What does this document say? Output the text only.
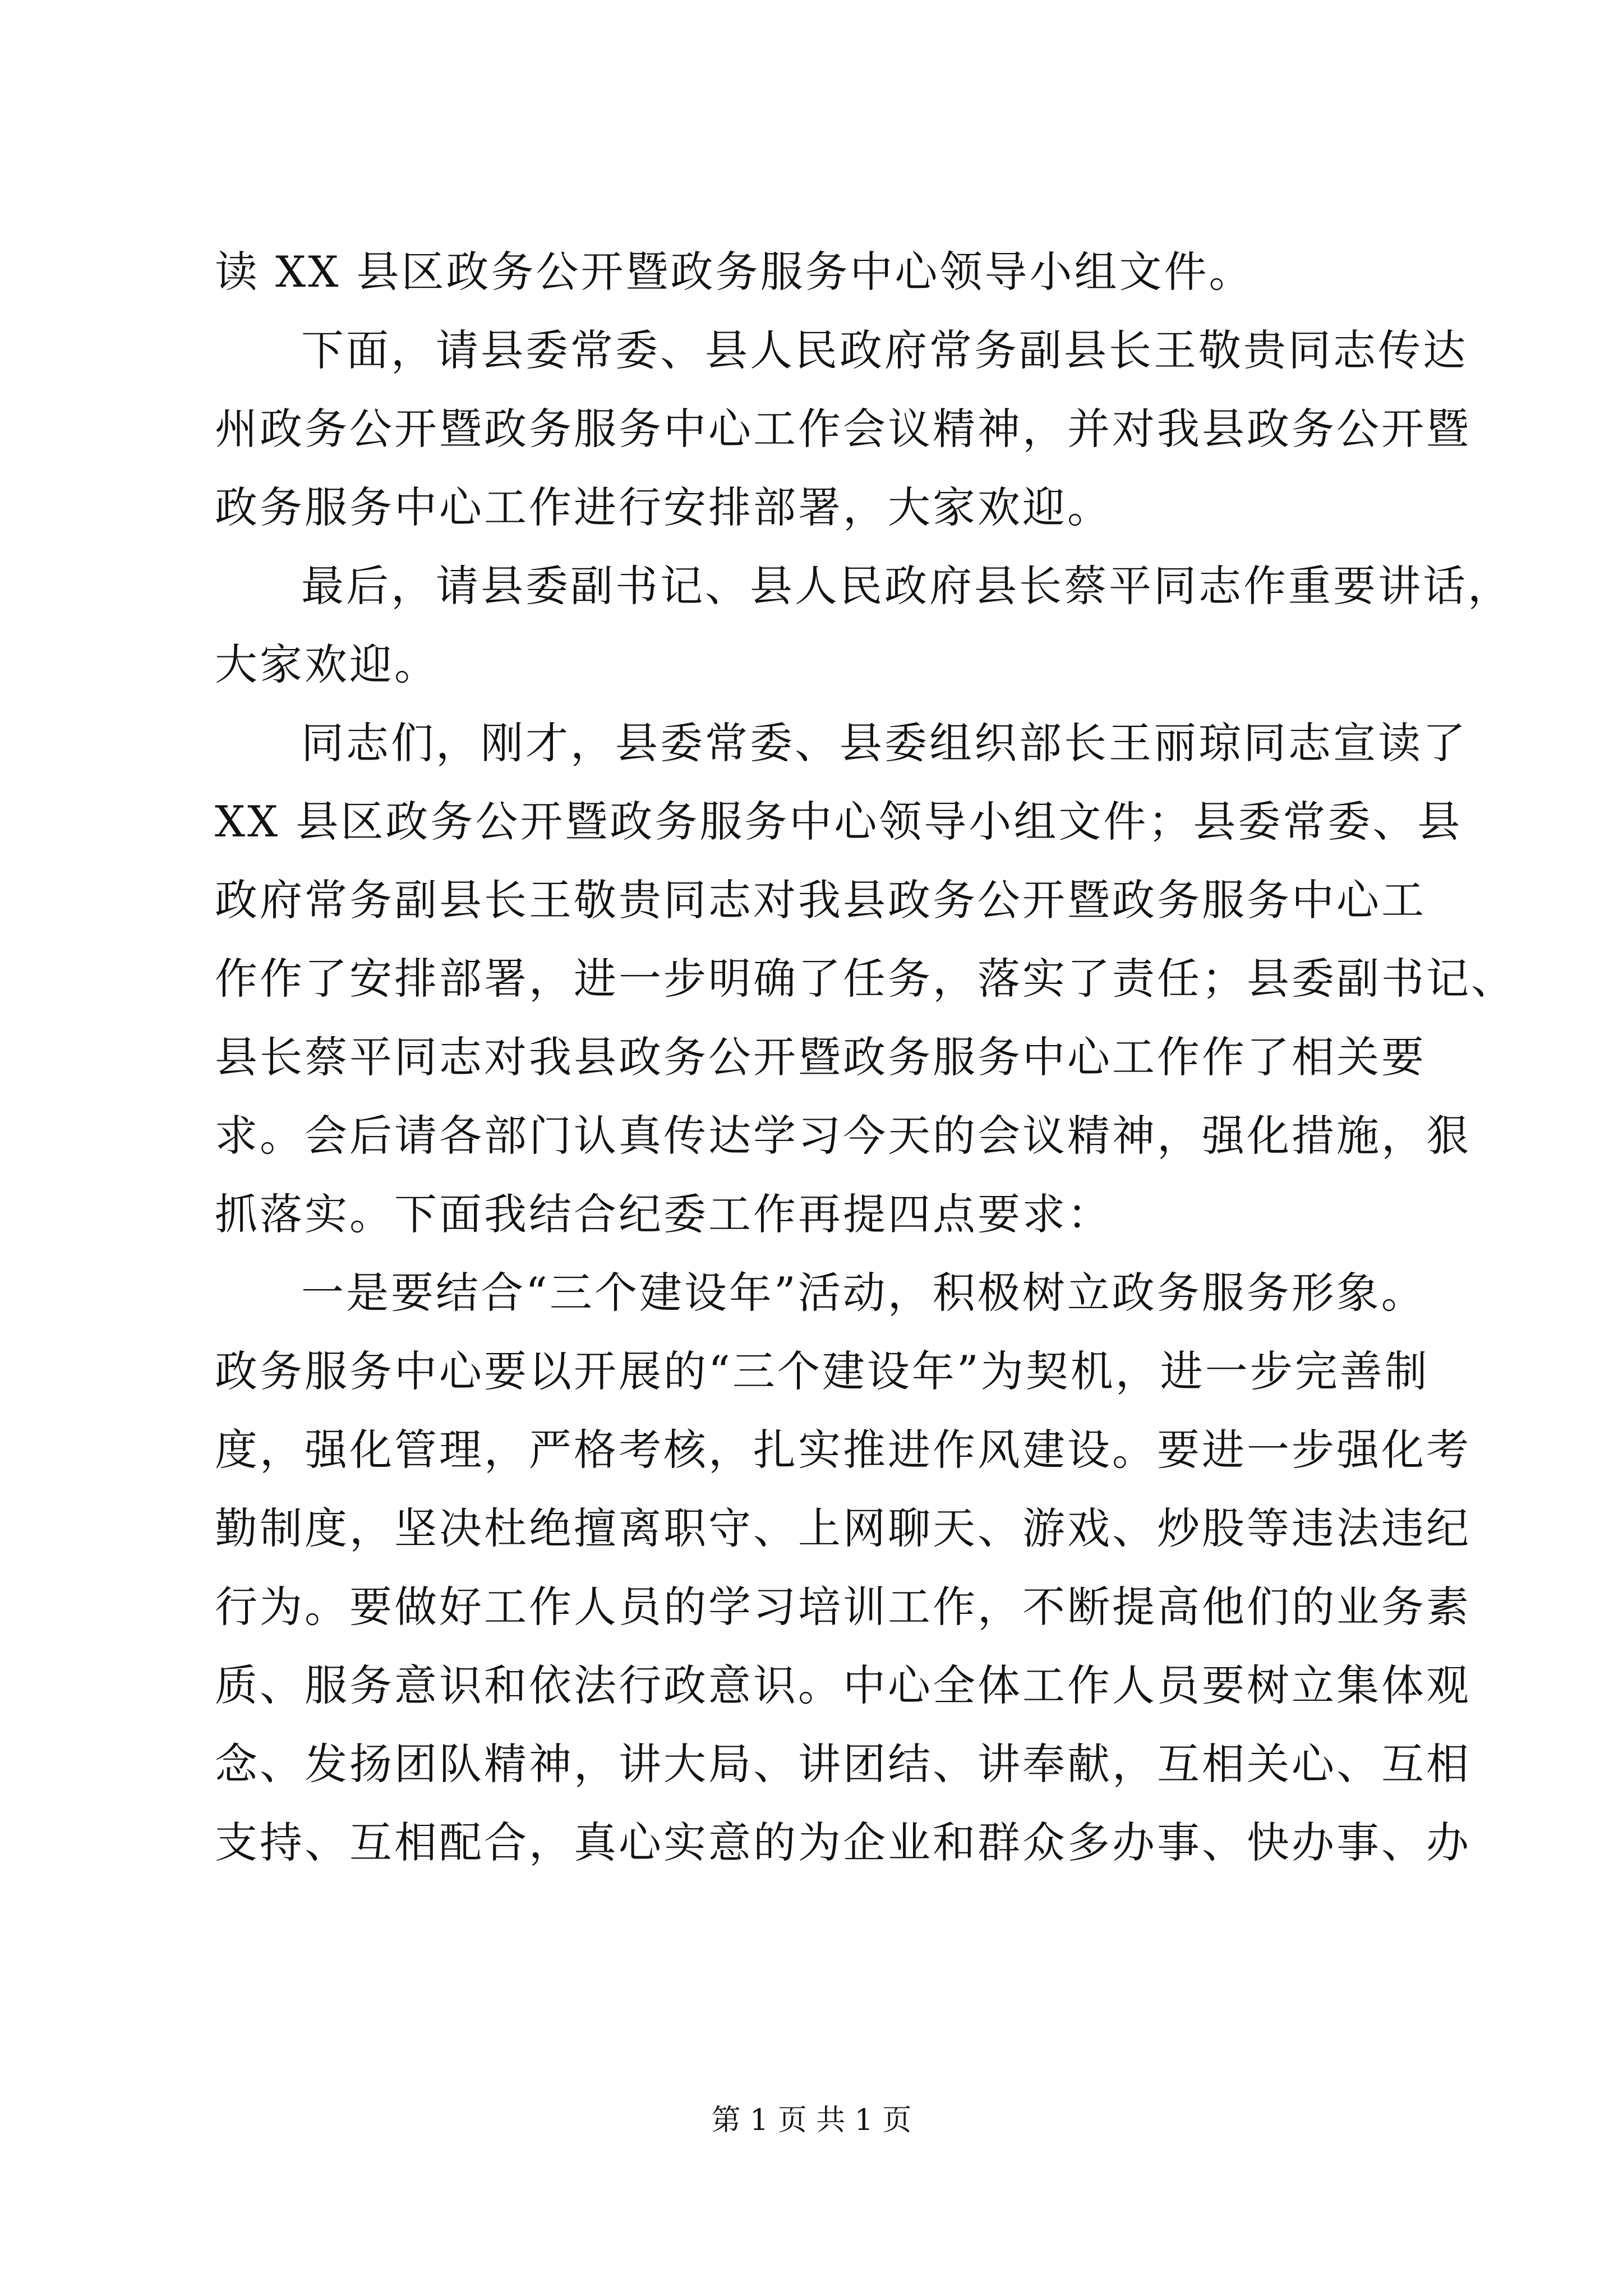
读 XX 县区政务公开暨政务服务中心领导小组文件。
下面，请县委常委、县人民政府常务副县长王敬贵同志传达
州政务公开暨政务服务中心工作会议精神，并对我县政务公开暨
政务服务中心工作进行安排部署，大家欢迎。
最后，请县委副书记、县人民政府县长蔡平同志作重要讲话，
大家欢迎。
同志们，刚才，县委常委、县委组织部长王丽琼同志宣读了
XX 县区政务公开暨政务服务中心领导小组文件；县委常委、县
政府常务副县长王敬贵同志对我县政务公开暨政务服务中心工
作作了安排部署，进一步明确了任务，落实了责任；县委副书记、
县长蔡平同志对我县政务公开暨政务服务中心工作作了相关要
求。会后请各部门认真传达学习今天的会议精神，强化措施，狠
抓落实。下面我结合纪委工作再提四点要求：
一是要结合“三个建设年”活动，积极树立政务服务形象。
政务服务中心要以开展的“三个建设年”为契机，进一步完善制
度，强化管理，严格考核，扎实推进作风建设。要进一步强化考
勤制度，坚决杜绝擅离职守、上网聊天、游戏、炒股等违法违纪
行为。要做好工作人员的学习培训工作，不断提高他们的业务素
质、服务意识和依法行政意识。中心全体工作人员要树立集体观
念、发扬团队精神，讲大局、讲团结、讲奉献，互相关心、互相
支持、互相配合，真心实意的为企业和群众多办事、快办事、办
第 1 页 共 1 页
